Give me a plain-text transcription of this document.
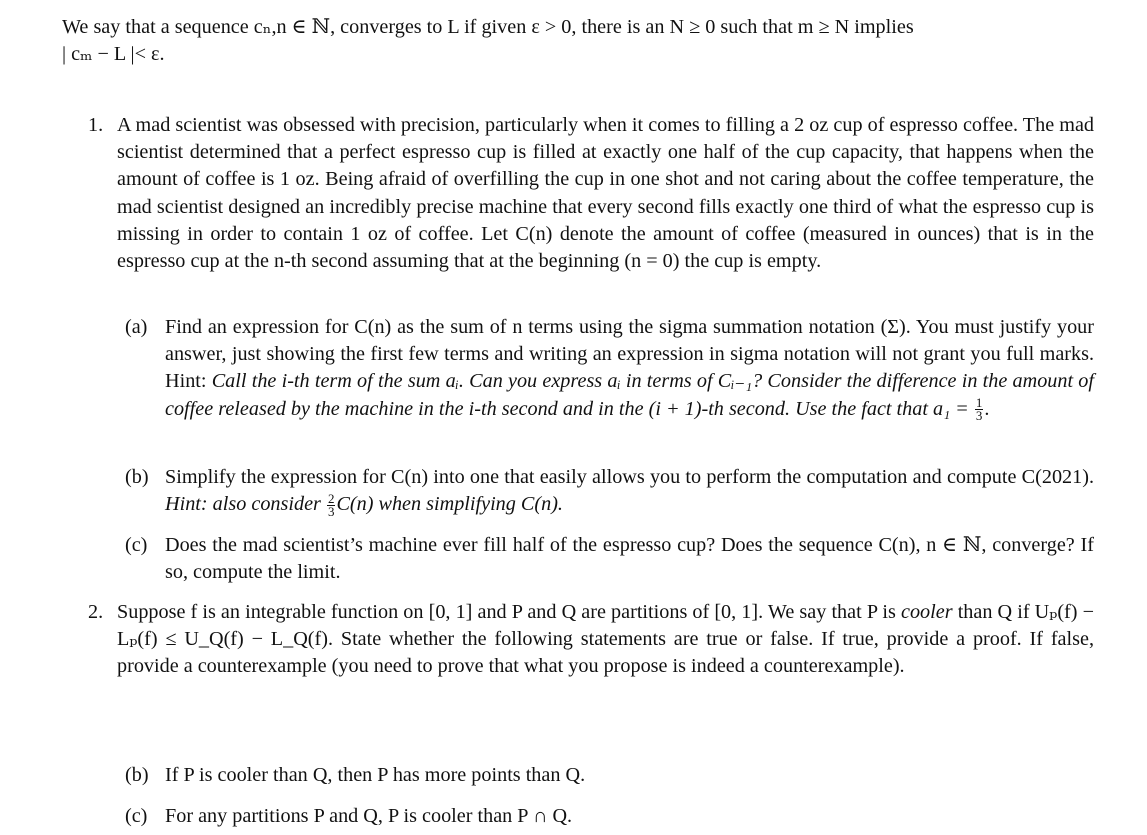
We say that a sequence cₙ,n ∈ ℕ, converges to L if given ε > 0, there is an N ≥ 0 such that m ≥ N implies
| cₘ − L |< ε.
1. A mad scientist was obsessed with precision, particularly when it comes to filling a 2 oz cup of espresso coffee. The mad scientist determined that a perfect espresso cup is filled at exactly one half of the cup capacity, that happens when the amount of coffee is 1 oz. Being afraid of overfilling the cup in one shot and not caring about the coffee temperature, the mad scientist designed an incredibly precise machine that every second fills exactly one third of what the espresso cup is missing in order to contain 1 oz of coffee. Let C(n) denote the amount of coffee (measured in ounces) that is in the espresso cup at the n-th second assuming that at the beginning (n = 0) the cup is empty.
(a) Find an expression for C(n) as the sum of n terms using the sigma summation notation (Σ). You must justify your answer, just showing the first few terms and writing an expression in sigma notation will not grant you full marks. Hint: Call the i-th term of the sum aᵢ. Can you express aᵢ in terms of Cᵢ₋₁? Consider the difference in the amount of coffee released by the machine in the i-th second and in the (i + 1)-th second. Use the fact that $a_1 = \frac{1}{3}$ .
(b) Simplify the expression for C(n) into one that easily allows you to perform the computation and compute C(2021). Hint: also consider $\frac{2}{3} C(n)$ when simplifying C(n).
(c) Does the mad scientist’s machine ever fill half of the espresso cup? Does the sequence C(n), n ∈ ℕ, converge? If so, compute the limit.
2. Suppose f is an integrable function on [0, 1] and P and Q are partitions of [0, 1]. We say that P is cooler than Q if Uₚ(f) − Lₚ(f) ≤ U_Q(f) − L_Q(f). State whether the following statements are true or false. If true, provide a proof. If false, provide a counterexample (you need to prove that what you propose is indeed a counterexample).
(b) If P is cooler than Q, then P has more points than Q.
(c) For any partitions P and Q, P is cooler than P ∩ Q.
